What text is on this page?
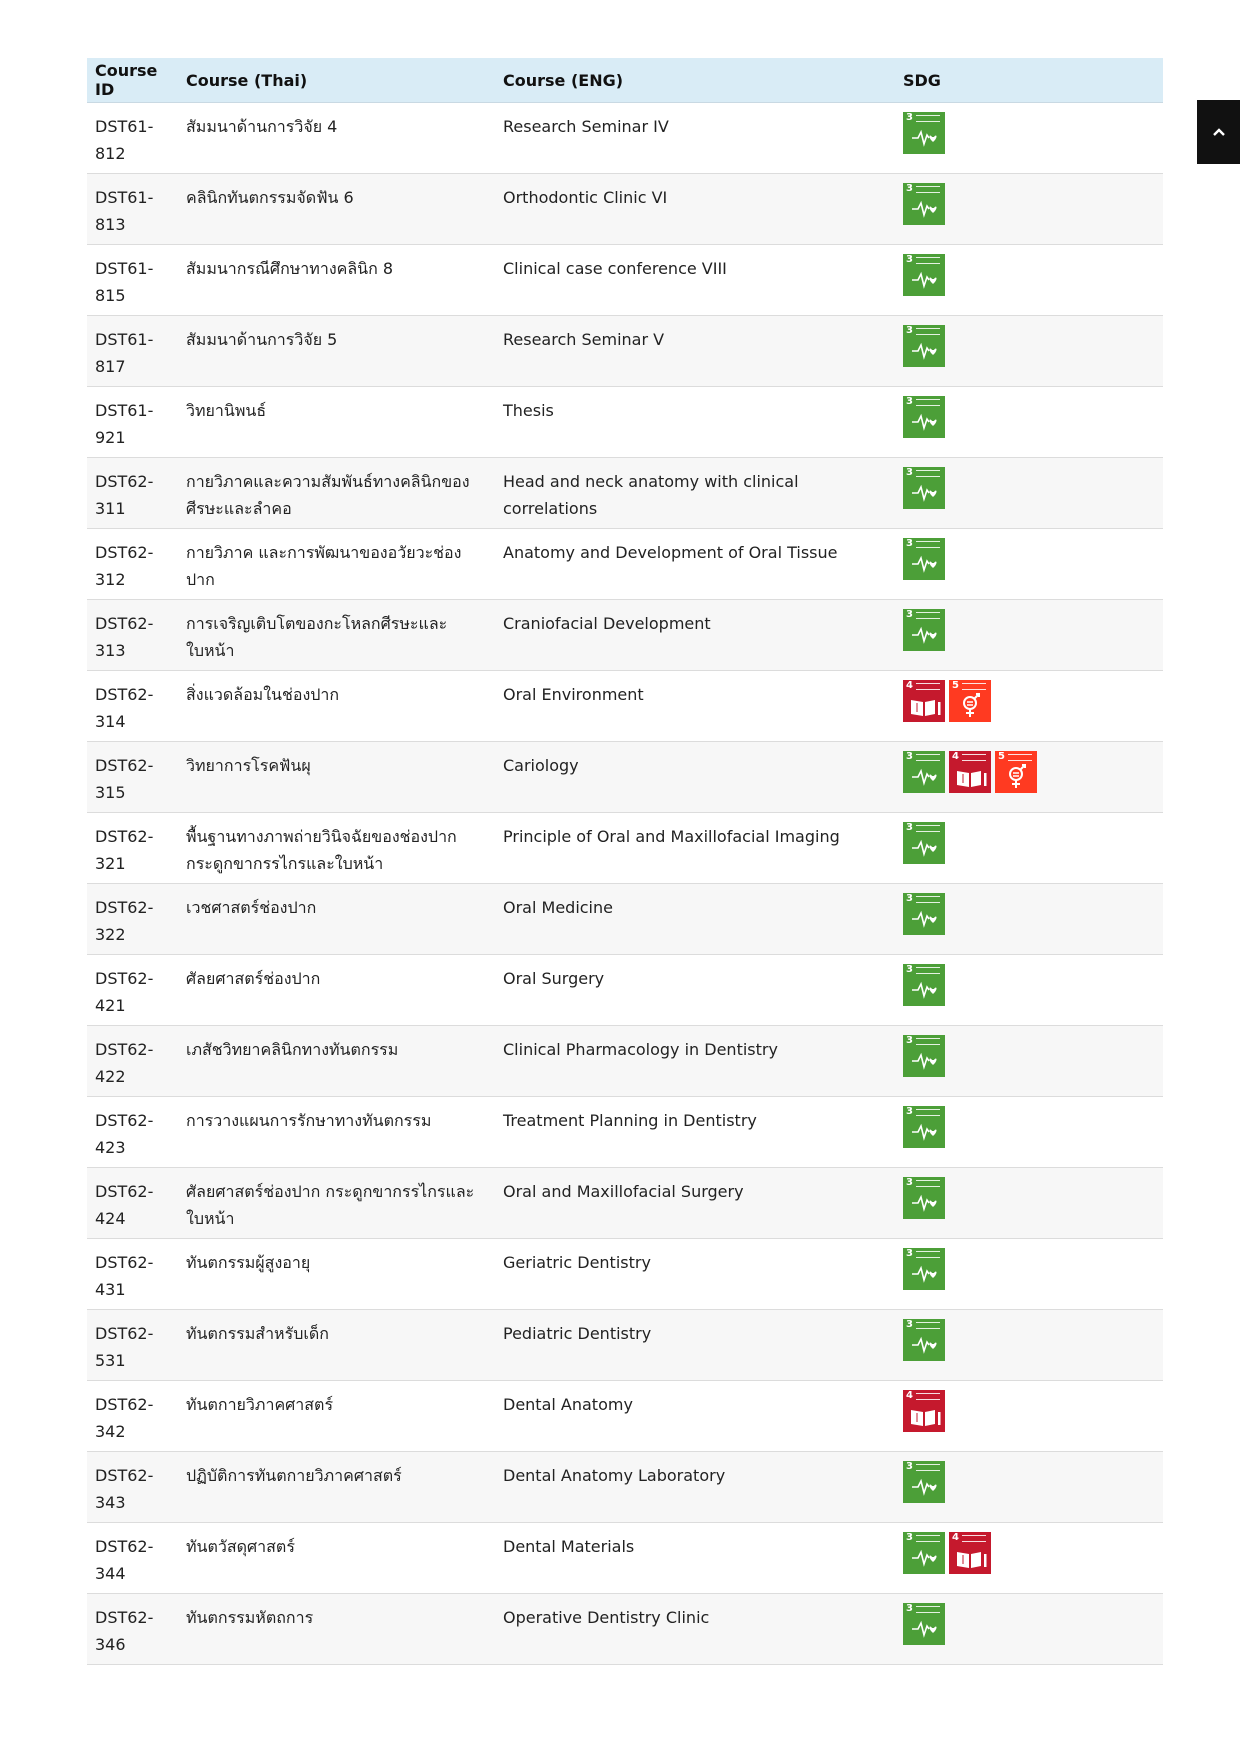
Course ID	Course (Thai)	Course (ENG)	SDG
DST61-812	สัมมนาด้านการวิจัย 4	Research Seminar IV	3

DST61-813	คลินิกทันตกรรมจัดฟัน 6	Orthodontic Clinic VI	3

DST61-815	สัมมนากรณีศึกษาทางคลินิก 8	Clinical case conference VIII	3

DST61-817	สัมมนาด้านการวิจัย 5	Research Seminar V	3

DST61-921	วิทยานิพนธ์	Thesis	3

DST62-311	กายวิภาคและความสัมพันธ์ทางคลินิกของศีรษะและลำคอ	Head and neck anatomy with clinical correlations	3

DST62-312	กายวิภาค และการพัฒนาของอวัยวะช่องปาก	Anatomy and Development of Oral Tissue	3

DST62-313	การเจริญเติบโตของกะโหลกศีรษะและใบหน้า	Craniofacial Development	3

DST62-314	สิ่งแวดล้อมในช่องปาก	Oral Environment	4 5

DST62-315	วิทยาการโรคฟันผุ	Cariology	3 4 5

DST62-321	พื้นฐานทางภาพถ่ายวินิจฉัยของช่องปาก กระดูกขากรรไกรและใบหน้า	Principle of Oral and Maxillofacial Imaging	3

DST62-322	เวชศาสตร์ช่องปาก	Oral Medicine	3

DST62-421	ศัลยศาสตร์ช่องปาก	Oral Surgery	3

DST62-422	เภสัชวิทยาคลินิกทางทันตกรรม	Clinical Pharmacology in Dentistry	3

DST62-423	การวางแผนการรักษาทางทันตกรรม	Treatment Planning in Dentistry	3

DST62-424	ศัลยศาสตร์ช่องปาก กระดูกขากรรไกรและใบหน้า	Oral and Maxillofacial Surgery	3

DST62-431	ทันตกรรมผู้สูงอายุ	Geriatric Dentistry	3

DST62-531	ทันตกรรมสำหรับเด็ก	Pediatric Dentistry	3

DST62-342	ทันตกายวิภาคศาสตร์	Dental Anatomy	4

DST62-343	ปฏิบัติการทันตกายวิภาคศาสตร์	Dental Anatomy Laboratory	3

DST62-344	ทันตวัสดุศาสตร์	Dental Materials	3 4

DST62-346	ทันตกรรมหัตถการ	Operative Dentistry Clinic	3
